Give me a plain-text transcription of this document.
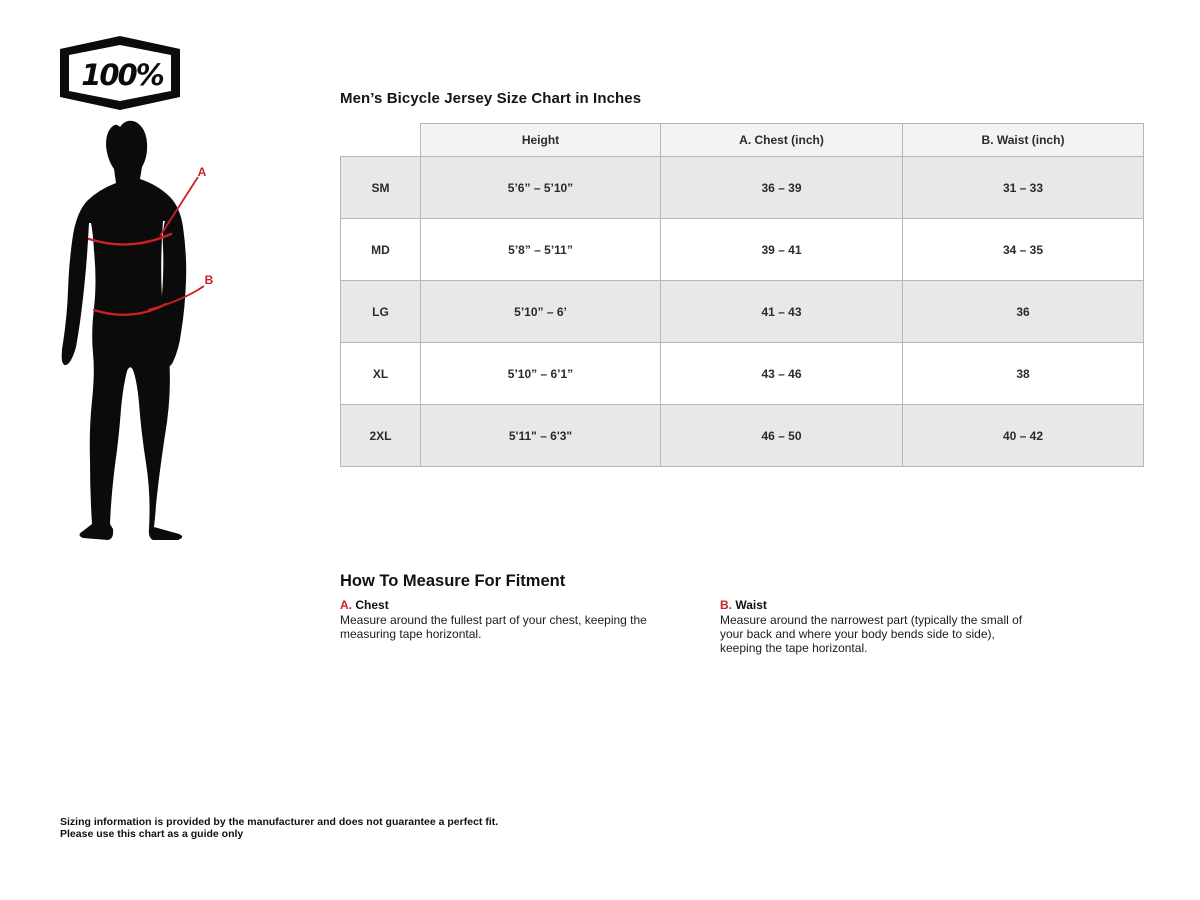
100%
A
B
Men’s Bicycle Jersey Size Chart in Inches
	Height	A. Chest (inch)	B. Waist (inch)
SM	5’6” – 5’10”	36 – 39	31 – 33
MD	5’8” – 5’11”	39 – 41	34 – 35
LG	5’10” – 6’	41 – 43	36
XL	5’10” – 6’1”	43 – 46	38
2XL	5'11" – 6'3"	46 – 50	40 – 42
How To Measure For Fitment
A. Chest
Measure around the fullest part of your chest, keeping the measuring tape horizontal.
B. Waist
Measure around the narrowest part (typically the small of your back and where your body bends side to side), keeping the tape horizontal.
Sizing information is provided by the manufacturer and does not guarantee a perfect fit.
Please use this chart as a guide only
